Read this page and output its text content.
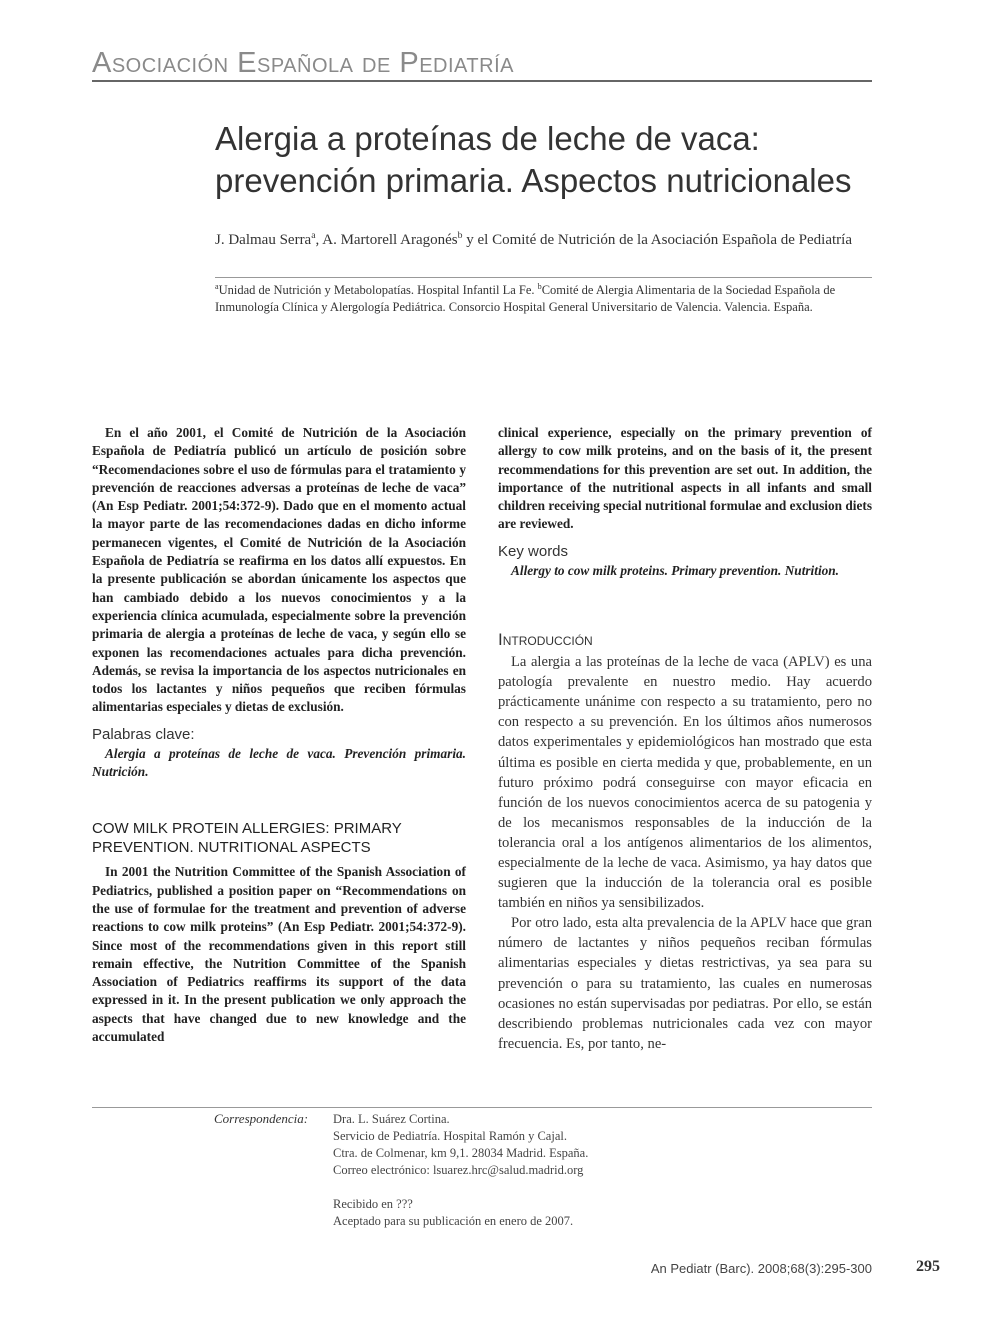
Asociación Española de Pediatría
Alergia a proteínas de leche de vaca:
prevención primaria. Aspectos nutricionales
J. Dalmau Serra$^a$, A. Martorell Aragonés$^b$ y el Comité de Nutrición de la Asociación Española de Pediatría
$^a$Unidad de Nutrición y Metabolopatías. Hospital Infantil La Fe. $^b$Comité de Alergia Alimentaria de la Sociedad Española de Inmunología Clínica y Alergología Pediátrica. Consorcio Hospital General Universitario de Valencia. Valencia. España.

En el año 2001, el Comité de Nutrición de la Asociación Española de Pediatría publicó un artículo de posición sobre “Recomendaciones sobre el uso de fórmulas para el tratamiento y prevención de reacciones adversas a proteínas de leche de vaca” (An Esp Pediatr. 2001;54:372-9). Dado que en el momento actual la mayor parte de las recomendaciones dadas en dicho informe permanecen vigentes, el Comité de Nutrición de la Asociación Española de Pediatría se reafirma en los datos allí expuestos. En la presente publicación se abordan únicamente los aspectos que han cambiado debido a los nuevos conocimientos y a la experiencia clínica acumulada, especialmente sobre la prevención primaria de alergia a proteínas de leche de vaca, y según ello se exponen las recomendaciones actuales para dicha prevención. Además, se revisa la importancia de los aspectos nutricionales en todos los lactantes y niños pequeños que reciben fórmulas alimentarias especiales y dietas de exclusión.

Palabras clave:

Alergia a proteínas de leche de vaca. Prevención primaria. Nutrición.

COW MILK PROTEIN ALLERGIES: PRIMARY PREVENTION. NUTRITIONAL ASPECTS

In 2001 the Nutrition Committee of the Spanish Association of Pediatrics, published a position paper on “Recommendations on the use of formulae for the treatment and prevention of adverse reactions to cow milk proteins” (An Esp Pediatr. 2001;54:372-9). Since most of the recommendations given in this report still remain effective, the Nutrition Committee of the Spanish Association of Pediatrics reaffirms its support of the data expressed in it. In the present publication we only approach the aspects that have changed due to new knowledge and the accumulated

clinical experience, especially on the primary prevention of allergy to cow milk proteins, and on the basis of it, the present recommendations for this prevention are set out. In addition, the importance of the nutritional aspects in all infants and small children receiving special nutritional formulae and exclusion diets are reviewed.

Key words

Allergy to cow milk proteins. Primary prevention. Nutrition.

Introducción

La alergia a las proteínas de la leche de vaca (APLV) es una patología prevalente en nuestro medio. Hay acuerdo prácticamente unánime con respecto a su tratamiento, pero no con respecto a su prevención. En los últimos años numerosos datos experimentales y epidemiológicos han mostrado que esta última es posible en cierta medida y que, probablemente, en un futuro próximo podrá conseguirse con mayor eficacia en función de los nuevos conocimientos acerca de su patogenia y de los mecanismos responsables de la inducción de la tolerancia oral a los antígenos alimentarios de los alimentos, especialmente de la leche de vaca. Asimismo, ya hay datos que sugieren que la inducción de la tolerancia oral es posible también en niños ya sensibilizados.

Por otro lado, esta alta prevalencia de la APLV hace que gran número de lactantes y niños pequeños reciban fórmulas alimentarias especiales y dietas restrictivas, ya sea para su prevención o para su tratamiento, las cuales en numerosas ocasiones no están supervisadas por pediatras. Por ello, se están describiendo problemas nutricionales cada vez con mayor frecuencia. Es, por tanto, ne-

Correspondencia:	Dra. L. Suárez Cortina.
Servicio de Pediatría. Hospital Ramón y Cajal.
Ctra. de Colmenar, km 9,1. 28034 Madrid. España.
Correo electrónico: lsuarez.hrc@salud.madrid.org
Recibido en ???
Aceptado para su publicación en enero de 2007.
An Pediatr (Barc). 2008;68(3):295-300	295
